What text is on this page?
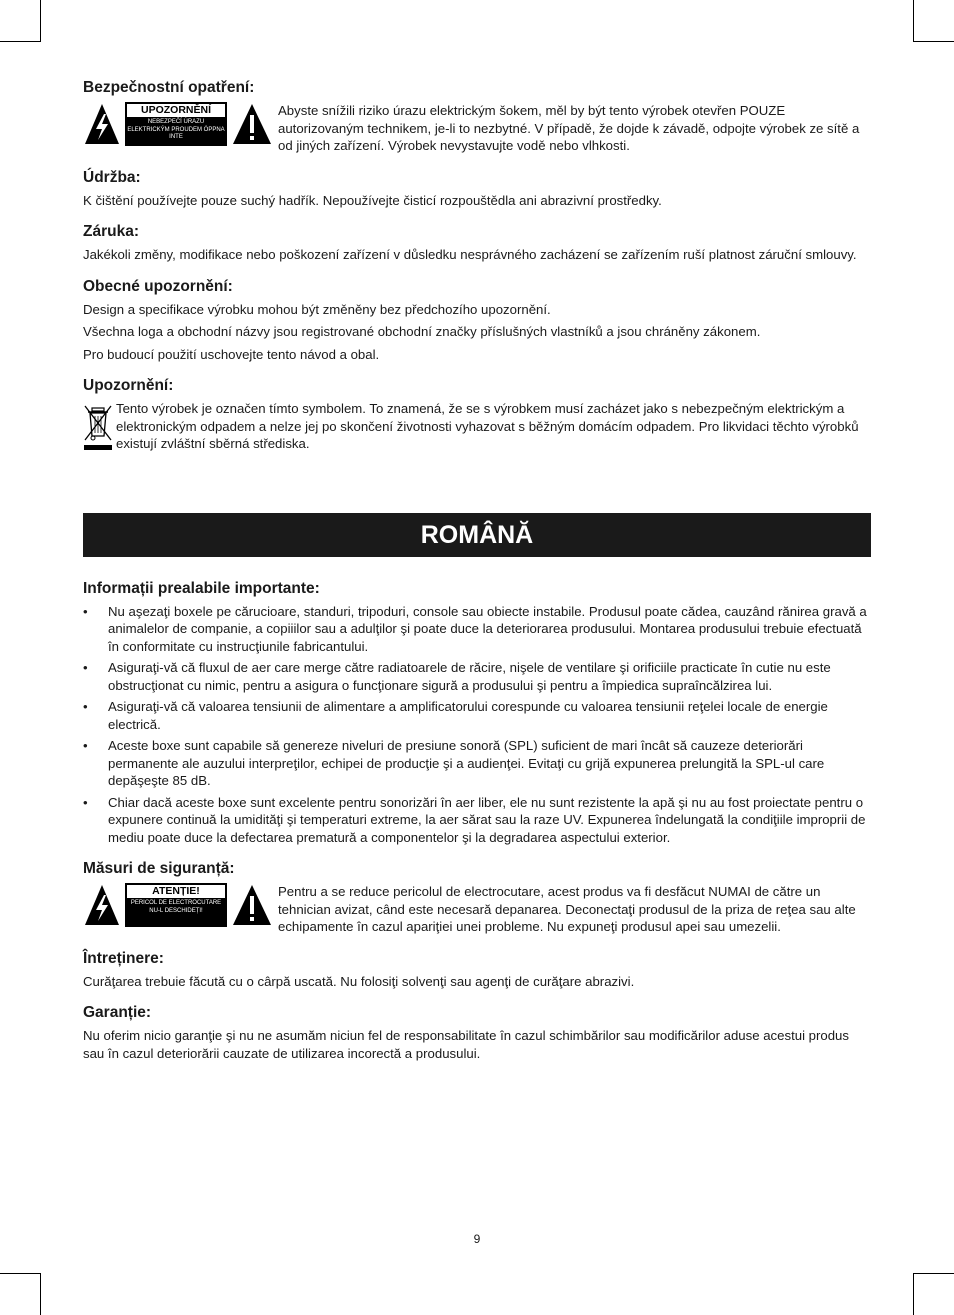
Bezpečnostní opatření:
UPOZORNĚNÍ
NEBEZPEČÍ ÚRAZU ELEKTRICKÝM PROUDEM ÓPPNA INTE

Abyste snížili riziko úrazu elektrickým šokem, měl by být tento výrobek otevřen POUZE autorizovaným technikem, je-li to nezbytné. V případě, že dojde k závadě, odpojte výrobek ze sítě a od jiných zařízení. Výrobek nevystavujte vodě nebo vlhkosti.

Údržba:

K čištění používejte pouze suchý hadřík. Nepoužívejte čisticí rozpouštědla ani abrazivní prostředky.

Záruka:

Jakékoli změny, modifikace nebo poškození zařízení v důsledku nesprávného zacházení se zařízením ruší platnost záruční smlouvy.

Obecné upozornění:

Design a specifikace výrobku mohou být změněny bez předchozího upozornění.

Všechna loga a obchodní názvy jsou registrované obchodní značky příslušných vlastníků a jsou chráněny zákonem.

Pro budoucí použití uschovejte tento návod a obal.

Upozornění:

Tento výrobek je označen tímto symbolem. To znamená, že se s výrobkem musí zacházet jako s nebezpečným elektrickým a elektronickým odpadem a nelze jej po skončení životnosti vyhazovat s běžným domácím odpadem. Pro likvidaci těchto výrobků existují zvláštní sběrná střediska.

ROMÂNĂ
Informații prealabile importante:
• Nu aşezaţi boxele pe cărucioare, standuri, tripoduri, console sau obiecte instabile. Produsul poate cădea, cauzând rănirea gravă a animalelor de companie, a copiiilor sau a adulţilor şi poate duce la deteriorarea produsului. Montarea produsului trebuie efectuată în conformitate cu instrucţiunile fabricantului.
• Asiguraţi-vă că fluxul de aer care merge către radiatoarele de răcire, nişele de ventilare şi orificiile practicate în cutie nu este obstrucţionat cu nimic, pentru a asigura o funcţionare sigură a produsului şi pentru a împiedica supraîncălzirea lui.
• Asiguraţi-vă că valoarea tensiunii de alimentare a amplificatorului corespunde cu valoarea tensiunii reţelei locale de energie electrică.
• Aceste boxe sunt capabile să genereze niveluri de presiune sonoră (SPL) suficient de mari încât să cauzeze deteriorări permanente ale auzului interpreţilor, echipei de producţie şi a audienţei. Evitaţi cu grijă expunerea prelungită la SPL-ul care depăşeşte 85 dB.
• Chiar dacă aceste boxe sunt excelente pentru sonorizări în aer liber, ele nu sunt rezistente la apă şi nu au fost proiectate pentru o expunere continuă la umidităţi şi temperaturi extreme, la aer sărat sau la raze UV. Expunerea îndelungată la condiţiile improprii de mediu poate duce la defectarea prematură a componentelor şi la degradarea aspectului exterior.
Măsuri de siguranță:
ATENȚIE!
PERICOL DE ELECTROCUTARE NU-L DESCHIDEȚI!

Pentru a se reduce pericolul de electrocutare, acest produs va fi desfăcut NUMAI de către un tehnician avizat, când este necesară depanarea. Deconectaţi produsul de la priza de reţea sau alte echipamente în cazul apariţiei unei probleme. Nu expuneţi produsul apei sau umezelii.

Întreținere:

Curăţarea trebuie făcută cu o cârpă uscată. Nu folosiţi solvenţi sau agenţi de curăţare abrazivi.

Garanție:

Nu oferim nicio garanţie şi nu ne asumăm niciun fel de responsabilitate în cazul schimbărilor sau modificărilor aduse acestui produs sau în cazul deteriorării cauzate de utilizarea incorectă a produsului.

9
